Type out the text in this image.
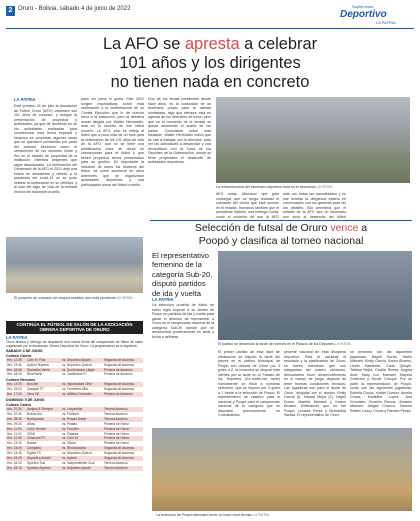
2 Oruro - Bolivia, sábado 4 de junio de 2022	Suplemento
Deportivo
LA PATRIA
La AFO se apresta a celebrar
101 años y los dirigentes
no tienen nada en concreto
LA PATRIA
Este próximo 21 de julio la Asociación de Fútbol Oruro (AFO) celebrará sus 101 años de creación, y aunque la presentación de proyectos y actividades, ya que de momento no se vio actividades realizadas para conmemorar esta fecha especial y tampoco se proyectan algunas obras que se quedaron pendientes por parte del anterior directorio como el cerramiento de los sectores Norte y Sur en el estadio de propiedad de la institución, mientras dirigentes que sigue abandonado. La celebración del Centenario de la AFO el 2021 dejó una estela de sinsabores y debido a la pandemia del covid-19 no se pudo realizar la celebración en su plenitud, y al solo del siglo de vida de la entidad rectora del balompié orureño
pasó sin pena ni gloria. Este 2022 surgen expectativas sobre esta celebración y la conformación de un Comité Ejecutivo que le dé nuevos bríos a la institución, pero la directiva actual dirigida por Walter Hermosillo, está en lo nuestro de ese fútbol orureño. La AFO, sólo se refleja al fútbol que a poco más de un mes para la celebración de los 101 años de vida de la AFO, aún no se tiene una planificación clara de obras se conmemoran para el fútbol y que tienen proyectos serios presentados para su gestión. Es importante la inclusión de todos los sectores del fútbol, tal como aconteció en años anteriores que se organizaron actividades deportivas y una participación plena del fútbol orureño.
Uno de los temas pendientes desde hace años, es la conclusión de un escenario propio para la calidad contratada, algo que siempre está en agenda de los directivos de turno, pero que en el momento de la verdad se queda durmiendo el sueño de los justos. Consultado sobre esta situación, Walter Hermosillo indicó que se van a trabajar con la directiva, para ver las actividades a desarrollar y una recopilación con la Casa de los Deportes de la Gobernación, donde se tiene proyectado el desarrollo de actividades deportivas.
La infraestructura del escenario deportivo está en el abandono LA PATRIA
AFO notas. Afirmaron que para conseguir que se tenga realidad el cobrando del olvido que está sumido en el estadio. Humanos también que el presidente Saleem, una entrega Conta, contó el proyecto de que la AFO
ante con todas las comodidades y en ese sentido la dirigencia estaría en conversación con los gestoras para ver los detalles. Ello permitiría que el estadio de la AFO sea un escenario que sirva al desarrollo del fútbol
El proyecto de colocado de césped sintético aún está pendiente LA PATRIA
CONTINÚA EL FÚTBOL DE SALÓN DE LA ASOCIACIÓN OBRERA DEPORTIVA DE ORURO
LA PATRIA
Cinco añadía y dimingo se disputarán una nueva fecha del campeonato de fútbol de salón organizado por la Asociación Obrera Deportiva de Oruro. La programación es la siguiente:
SÁBADO 4 DE JUNIO
Coliseo Calero
Hrs. 12:35 Cam 10 Plus	vs.Deportivo Ayaviri	Segunda de Ascenso
Hrs. 13:45 Ayaviri Tepoma	vs.Deportivo Quirroz	Segunda de Ascenso
Hrs. 16:45 Deportivo Verrin	vs.Sud Inversor Llayal	Primera de Ascenso
Hrs. 18:15 Real Norte	vs.Zambrana FC	Primera de Ascenso
Coliseo Hércules
Hrs. 13:00 Bun-ber	vs.Importadora Ortiz	Segunda de Ascenso
Hrs. 15:00 Carapari FT	vs.Ferreteria Villa	Segunda de Ascenso
Hrs. 17:00 Oruo Oil	vs.Atlético Gonzales	Primera de Ascenso
DOMINGO 5 DE JUNIO
Coliseo Calero
Hrs. 07:30 Amigos 8 Siempre	vs.Lexpecidia	Tercera Ascenso
Hrs. 07:30 Bolivia Sur	vs.Frontsur	Tercera Ascenso
Hrs. 08:30 Borbonistas	vs.Pumas Garat	Tercera Ascenso
Hrs. 09:30 Albas	vs.Piratas	Primera de Honor
Hrs. 11:00 Cobo Yerraet	vs.Fun-Mel	Primera de Honor
Hrs. 11:20 CEMI	vs.Palaces	Primera de Honor
Hrs. 12:35 Colaones FC	vs.Cam 10	Primera de Honor
Hrs. 13:15 Bardoi	vs.Olivos	Primera de Honor
Hrs. 14:45 Campaña	vs.Renovadoras	Segunda de Ascenso
Hrs. 14:45 Egobe FC	vs.Deportivo Quirroz	Segunda de Ascenso
Hrs. 16:15 Deportivo Aviwiri	vs.Ayaviri	Segunda de Ascenso
Hrs. 16:15 Sportivo Sud	vs.Independiente Club	Tercera Ascenso
Hrs. 18:15 Sportivo Ayavirio	vs.Deportivo Ayaviri	Tercera Ascenso
Selección de futsal de Oruro vence a
Poopó y clasifica al torneo nacional
El representativo femenino de la categoría Sub-20, disputó partidos de ida y vuelta
El partido se desarrolló la tarde del viernes en el Palacio de los Deportes LA PATRIA
LA PATRIA
La selección orureña de fútbol de salón logró superar a su similar de Poopó en partidos de ida y vuelta para ganar el derecho de representar a Oruro en el campeonato nacional de la categoría Sub-20 damas que se desarrollará próximamente en sede y fecha a definirse.
El primer partido de esta llave de eliminación se disputó la tarde del jueves en el coliseo Municipal de Poopó con victoria de Oruro por 3 goles a 2, la revancha se disputó este viernes por la tarde en el Palacio de los Deportes (Ex-mafio-ore sede) nuevamente se tituló a nuestras selección, que se impuso por 3 goles a 1 frente a la selección de Poopó. El representativo se clasificó para el nacional y Poopó para el campeonato nacional de la categoría que se disputará próximamente en Cochabamba.
pesente nacional de esta disciplina deportiva. Para el nacional el resultado y la clasificación de Oruro, se hacen miembros que son integrantes del cuadro victorioso, demostraron buen desenvolvimiento en el campo de juego, dejando de tener buenas condiciones técnicas. Las jugadoras son para el titular de Oruro, dirigidas por el técnico Emily Garcia (f), Tatiana Mejía (2), Nayeli Durán, Mariela Mamani y Karem Álvarez. Defensores que no fue Poopó, Lenalva Perez y Bernardita Sandia. El representativo de Oruro
se presentó con las siguientes jugadoras: Nayeli Durán, Harlin Mamani, Emily García, Karen Álvarez, Liseth Saavedra, Carla Quispe, Tatiana Mejía, Cecilia Rivera, Angela Arce, Mary Luz Mamani, Mayara Gutierrez y Nicole Choque. Por su parte la representación de Poopó, contó con las siguientes jugadoras: Estrella Choca, Yovitel Chavez, Amelia Choca, Madeline López, Ana Gonzáles, Jhoselin Ramos, Jhoselin Mamani, Abigail Chacón, Daniela Rafael, Leacy Chuca y Pamela Pinola.
La selección de Poopó demostró tener un buen nivel técnico LA PATRIA
